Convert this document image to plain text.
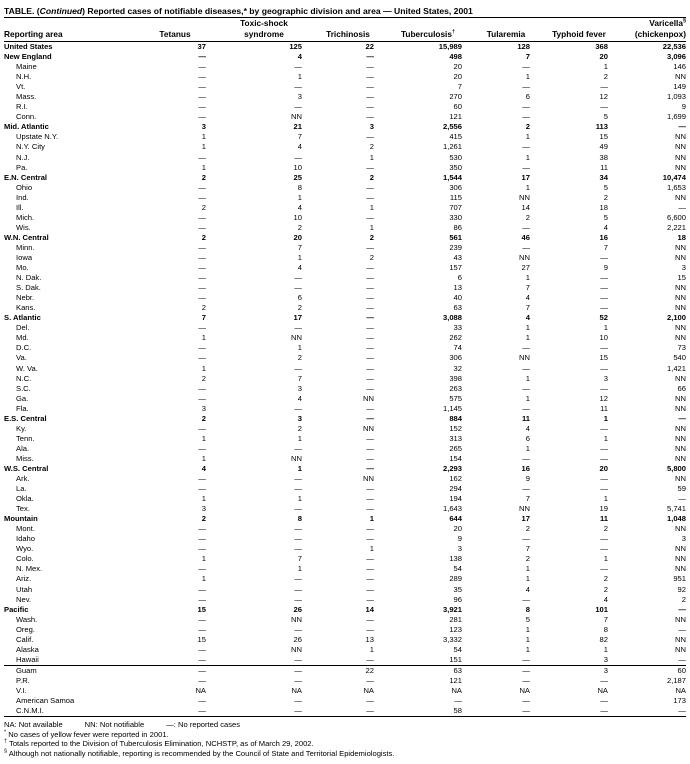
TABLE. (Continued) Reported cases of notifiable diseases,* by geographic division and area — United States, 2001
		Toxic-shock					Varicella§
Reporting area	Tetanus	syndrome	Trichinosis	Tuberculosis†	Tularemia	Typhoid fever	(chickenpox)
United States	37	125	22	15,989	128	368	22,536
New England	—	4	—	498	7	20	3,096
Maine	—	—	—	20	—	1	146
N.H.	—	1	—	20	1	2	NN
Vt.	—	—	—	7	—	—	149
Mass.	—	3	—	270	6	12	1,093
R.I.	—	—	—	60	—	—	9
Conn.	—	NN	—	121	—	5	1,699
Mid. Atlantic	3	21	3	2,556	2	113	—
Upstate N.Y.	1	7	—	415	1	15	NN
N.Y. City	1	4	2	1,261	—	49	NN
N.J.	—	—	1	530	1	38	NN
Pa.	1	10	—	350	—	11	NN
E.N. Central	2	25	2	1,544	17	34	10,474
Ohio	—	8	—	306	1	5	1,653
Ind.	—	1	—	115	NN	2	NN
Ill.	2	4	1	707	14	18	—
Mich.	—	10	—	330	2	5	6,600
Wis.	—	2	1	86	—	4	2,221
W.N. Central	2	20	2	561	46	16	18
Minn.	—	7	—	239	—	7	NN
Iowa	—	1	2	43	NN	—	NN
Mo.	—	4	—	157	27	9	3
N. Dak.	—	—	—	6	1	—	15
S. Dak.	—	—	—	13	7	—	NN
Nebr.	—	6	—	40	4	—	NN
Kans.	2	2	—	63	7	—	NN
S. Atlantic	7	17	—	3,088	4	52	2,100
Del.	—	—	—	33	1	1	NN
Md.	1	NN	—	262	1	10	NN
D.C.	—	1	—	74	—	—	73
Va.	—	2	—	306	NN	15	540
W. Va.	1	—	—	32	—	—	1,421
N.C.	2	7	—	398	1	3	NN
S.C.	—	3	—	263	—	—	66
Ga.	—	4	NN	575	1	12	NN
Fla.	3	—	—	1,145	—	11	NN
E.S. Central	2	3	—	884	11	1	—
Ky.	—	2	NN	152	4	—	NN
Tenn.	1	1	—	313	6	1	NN
Ala.	—	—	—	265	1	—	NN
Miss.	1	NN	—	154	—	—	NN
W.S. Central	4	1	—	2,293	16	20	5,800
Ark.	—	—	NN	162	9	—	NN
La.	—	—	—	294	—	—	59
Okla.	1	1	—	194	7	1	—
Tex.	3	—	—	1,643	NN	19	5,741
Mountain	2	8	1	644	17	11	1,048
Mont.	—	—	—	20	2	2	NN
Idaho	—	—	—	9	—	—	3
Wyo.	—	—	1	3	7	—	NN
Colo.	1	7	—	138	2	1	NN
N. Mex.	—	1	—	54	1	—	NN
Ariz.	1	—	—	289	1	2	951
Utah	—	—	—	35	4	2	92
Nev.	—	—	—	96	—	4	2
Pacific	15	26	14	3,921	8	101	—
Wash.	—	NN	—	281	5	7	NN
Oreg.	—	—	—	123	1	8	—
Calif.	15	26	13	3,332	1	82	NN
Alaska	—	NN	1	54	1	1	NN
Hawaii	—	—	—	151	—	3	—
Guam	—	—	22	63	—	3	60
P.R.	—	—	—	121	—	—	2,187
V.I.	NA	NA	NA	NA	NA	NA	NA
American Samoa	—	—	—	—	—	—	173
C.N.M.I.	—	—	—	58	—	—	—
NA: Not available	NN: Not notifiable	—: No reported cases
* No cases of yellow fever were reported in 2001.
† Totals reported to the Division of Tuberculosis Elimination, NCHSTP, as of March 29, 2002.
§ Although not nationally notifiable, reporting is recommended by the Council of State and Territorial Epidemiologists.
